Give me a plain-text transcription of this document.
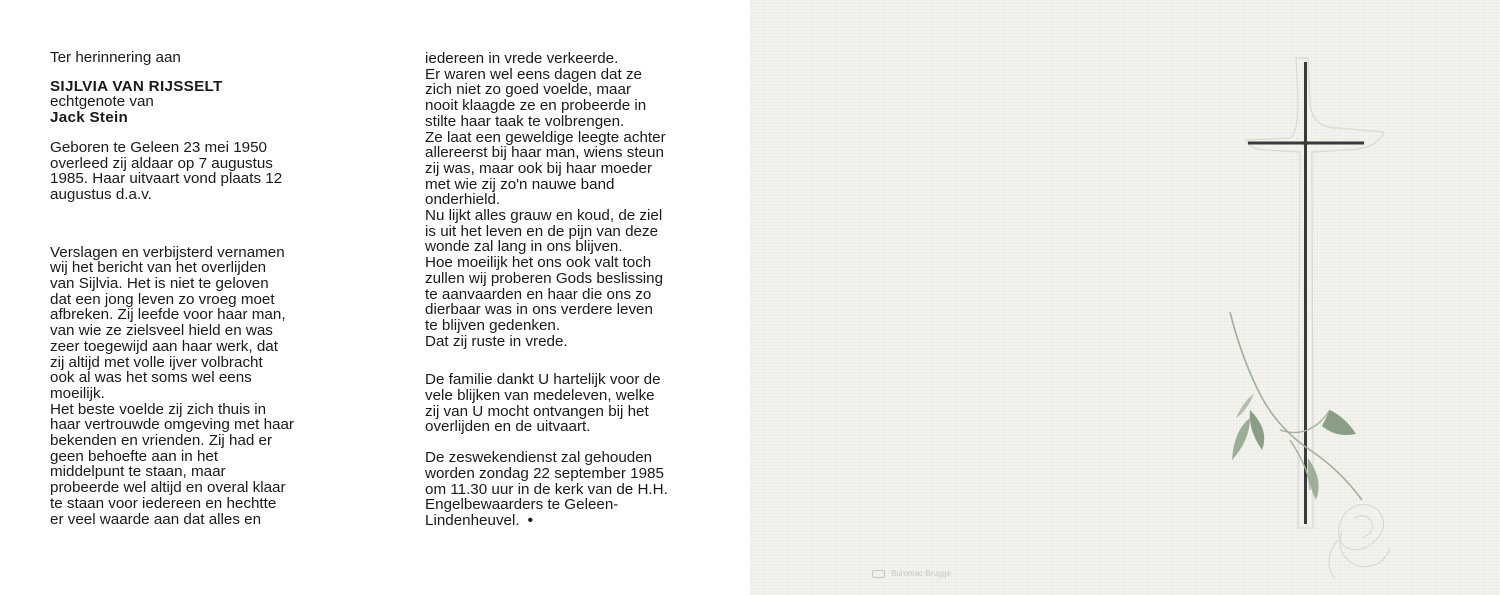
Ter herinnering aan

SIJLVIA VAN RIJSSELT

echtgenote van

Jack Stein

Geboren te Geleen 23 mei 1950

overleed zij aldaar op 7 augustus

1985. Haar uitvaart vond plaats 12

augustus d.a.v.

Verslagen en verbijsterd vernamen

wij het bericht van het overlijden

van Sijlvia. Het is niet te geloven

dat een jong leven zo vroeg moet

afbreken. Zij leefde voor haar man,

van wie ze zielsveel hield en was

zeer toegewijd aan haar werk, dat

zij altijd met volle ijver volbracht

ook al was het soms wel eens

moeilijk.

Het beste voelde zij zich thuis in

haar vertrouwde omgeving met haar

bekenden en vrienden. Zij had er

geen behoefte aan in het

middelpunt te staan, maar

probeerde wel altijd en overal klaar

te staan voor iedereen en hechtte

er veel waarde aan dat alles en

iedereen in vrede verkeerde.

Er waren wel eens dagen dat ze

zich niet zo goed voelde, maar

nooit klaagde ze en probeerde in

stilte haar taak te volbrengen.

Ze laat een geweldige leegte achter

allereerst bij haar man, wiens steun

zij was, maar ook bij haar moeder

met wie zij zo'n nauwe band

onderhield.

Nu lijkt alles grauw en koud, de ziel

is uit het leven en de pijn van deze

wonde zal lang in ons blijven.

Hoe moeilijk het ons ook valt toch

zullen wij proberen Gods beslissing

te aanvaarden en haar die ons zo

dierbaar was in ons verdere leven

te blijven gedenken.

Dat zij ruste in vrede.

De familie dankt U hartelijk voor de

vele blijken van medeleven, welke

zij van U mocht ontvangen bij het

overlijden en de uitvaart.

De zeswekendienst zal gehouden

worden zondag 22 september 1985

om 11.30 uur in de kerk van de H.H.

Engelbewaarders te Geleen-

Lindenheuvel. •

Buromac Brugge
